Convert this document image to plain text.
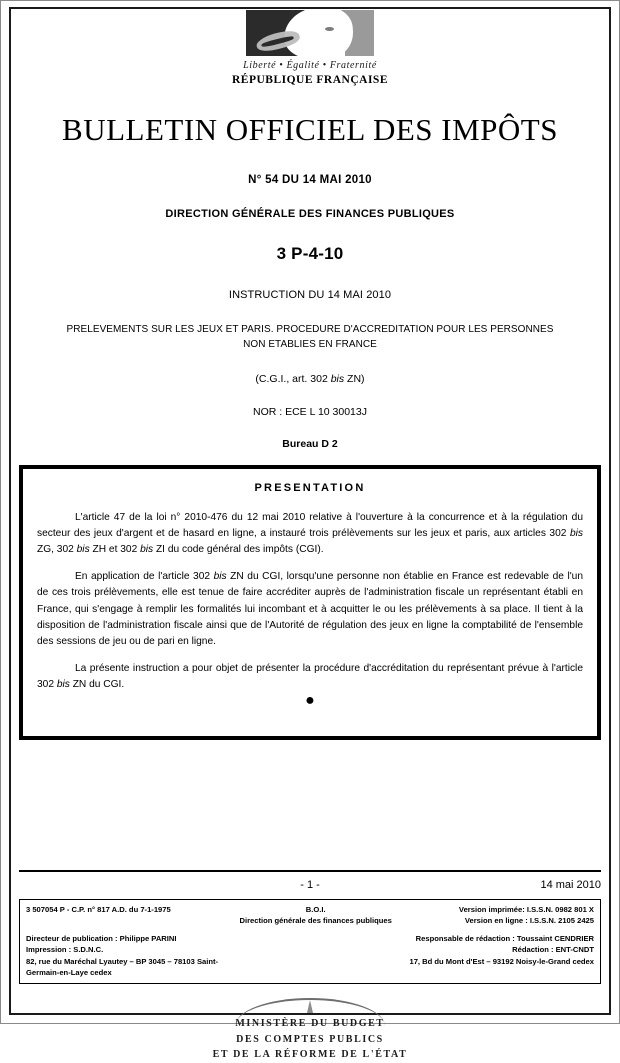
Liberté • Égalité • Fraternité
RÉPUBLIQUE FRANÇAISE
BULLETIN OFFICIEL DES IMPÔTS
N° 54 DU 14 MAI 2010
DIRECTION GÉNÉRALE DES FINANCES PUBLIQUES
3 P-4-10
INSTRUCTION DU 14 MAI 2010
PRELEVEMENTS SUR LES JEUX ET PARIS. PROCEDURE D'ACCREDITATION POUR LES PERSONNES
NON ETABLIES EN FRANCE
(C.G.I., art. 302 bis ZN)
NOR : ECE L 10 30013J
Bureau D 2
PRESENTATION

L'article 47 de la loi n° 2010-476 du 12 mai 2010 relative à l'ouverture à la concurrence et à la régulation du secteur des jeux d'argent et de hasard en ligne, a instauré trois prélèvements sur les jeux et paris, aux articles 302 bis ZG, 302 bis ZH et 302 bis ZI du code général des impôts (CGI).

En application de l'article 302 bis ZN du CGI, lorsqu'une personne non établie en France est redevable de l'un de ces trois prélèvements, elle est tenue de faire accréditer auprès de l'administration fiscale un représentant établi en France, qui s'engage à remplir les formalités lui incombant et à acquitter le ou les prélèvements à sa place. Il tient à la disposition de l'administration fiscale ainsi que de l'Autorité de régulation des jeux en ligne la comptabilité de l'ensemble des sessions de jeu ou de pari en ligne.

La présente instruction a pour objet de présenter la procédure d'accréditation du représentant prévue à l'article 302 bis ZN du CGI.

●
- 1 -	14 mai 2010
3 507054 P - C.P. n° 817 A.D. du 7-1-1975	B.O.I.
Direction générale des finances publiques
Version imprimée: I.S.S.N. 0982 801 X
Version en ligne : I.S.S.N. 2105 2425
Directeur de publication : Philippe PARINI
Impression : S.D.N.C.
82, rue du Maréchal Lyautey – BP 3045 – 78103 Saint-Germain-en-Laye cedex
Responsable de rédaction : Toussaint CENDRIER
Rédaction : ENT-CNDT
17, Bd du Mont d'Est – 93192 Noisy-le-Grand cedex
MINISTÈRE DU BUDGET
DES COMPTES PUBLICS
ET DE LA RÉFORME DE L'ÉTAT
